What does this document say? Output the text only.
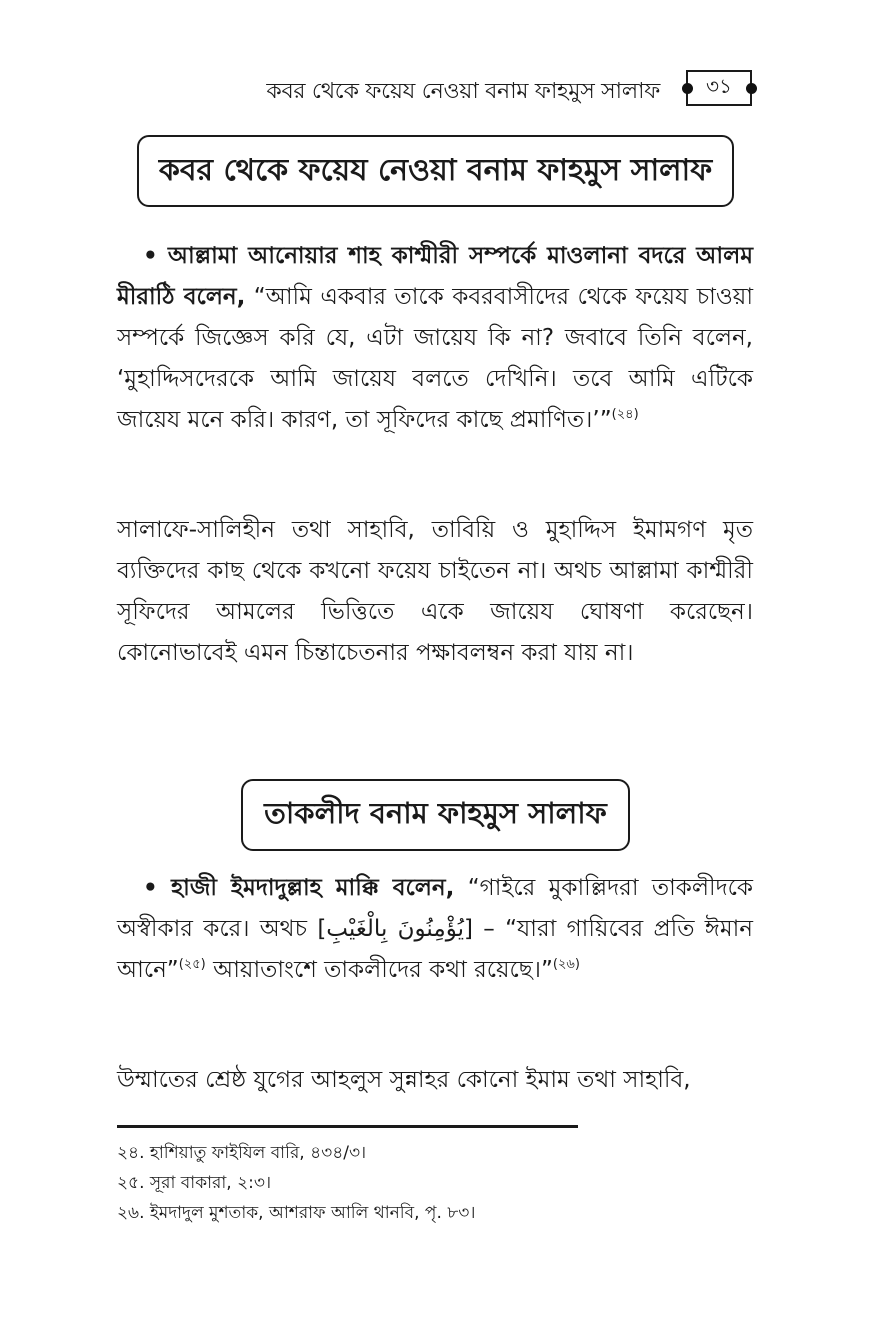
কবর থেকে ফয়েয নেওয়া বনাম ফাহমুস সালাফ ৩১
কবর থেকে ফয়েয নেওয়া বনাম ফাহমুস সালাফ
• আল্লামা আনোয়ার শাহ কাশ্মীরী সম্পর্কে মাওলানা বদরে আলম মীরাঠি বলেন, “আমি একবার তাকে কবরবাসীদের থেকে ফয়েয চাওয়া সম্পর্কে জিজ্ঞেস করি যে, এটা জায়েয কি না? জবাবে তিনি বলেন, ‘মুহাদ্দিসদেরকে আমি জায়েয বলতে দেখিনি। তবে আমি এটিকে জায়েয মনে করি। কারণ, তা সূফিদের কাছে প্রমাণিত।’”$^{(২৪)}$
সালাফে-সালিহীন তথা সাহাবি, তাবিয়ি ও মুহাদ্দিস ইমামগণ মৃত ব্যক্তিদের কাছ থেকে কখনো ফয়েয চাইতেন না। অথচ আল্লামা কাশ্মীরী সূফিদের আমলের ভিত্তিতে একে জায়েয ঘোষণা করেছেন। কোনোভাবেই এমন চিন্তাচেতনার পক্ষাবলম্বন করা যায় না।
তাকলীদ বনাম ফাহমুস সালাফ
• হাজী ইমদাদুল্লাহ মাক্কি বলেন, “গাইরে মুকাল্লিদরা তাকলীদকে অস্বীকার করে। অথচ [يُؤْمِنُونَ بِالْغَيْبِ] – “যারা গায়িবের প্রতি ঈমান আনে”$^{(২৫)}$ আয়াতাংশে তাকলীদের কথা রয়েছে।”$^{(২৬)}$
উম্মাতের শ্রেষ্ঠ যুগের আহলুস সুন্নাহর কোনো ইমাম তথা সাহাবি,
২৪. হাশিয়াতু ফাইযিল বারি, ৪৩৪/৩।
২৫. সূরা বাকারা, ২:৩।
২৬. ইমদাদুল মুশতাক, আশরাফ আলি থানবি, পৃ. ৮৩।
